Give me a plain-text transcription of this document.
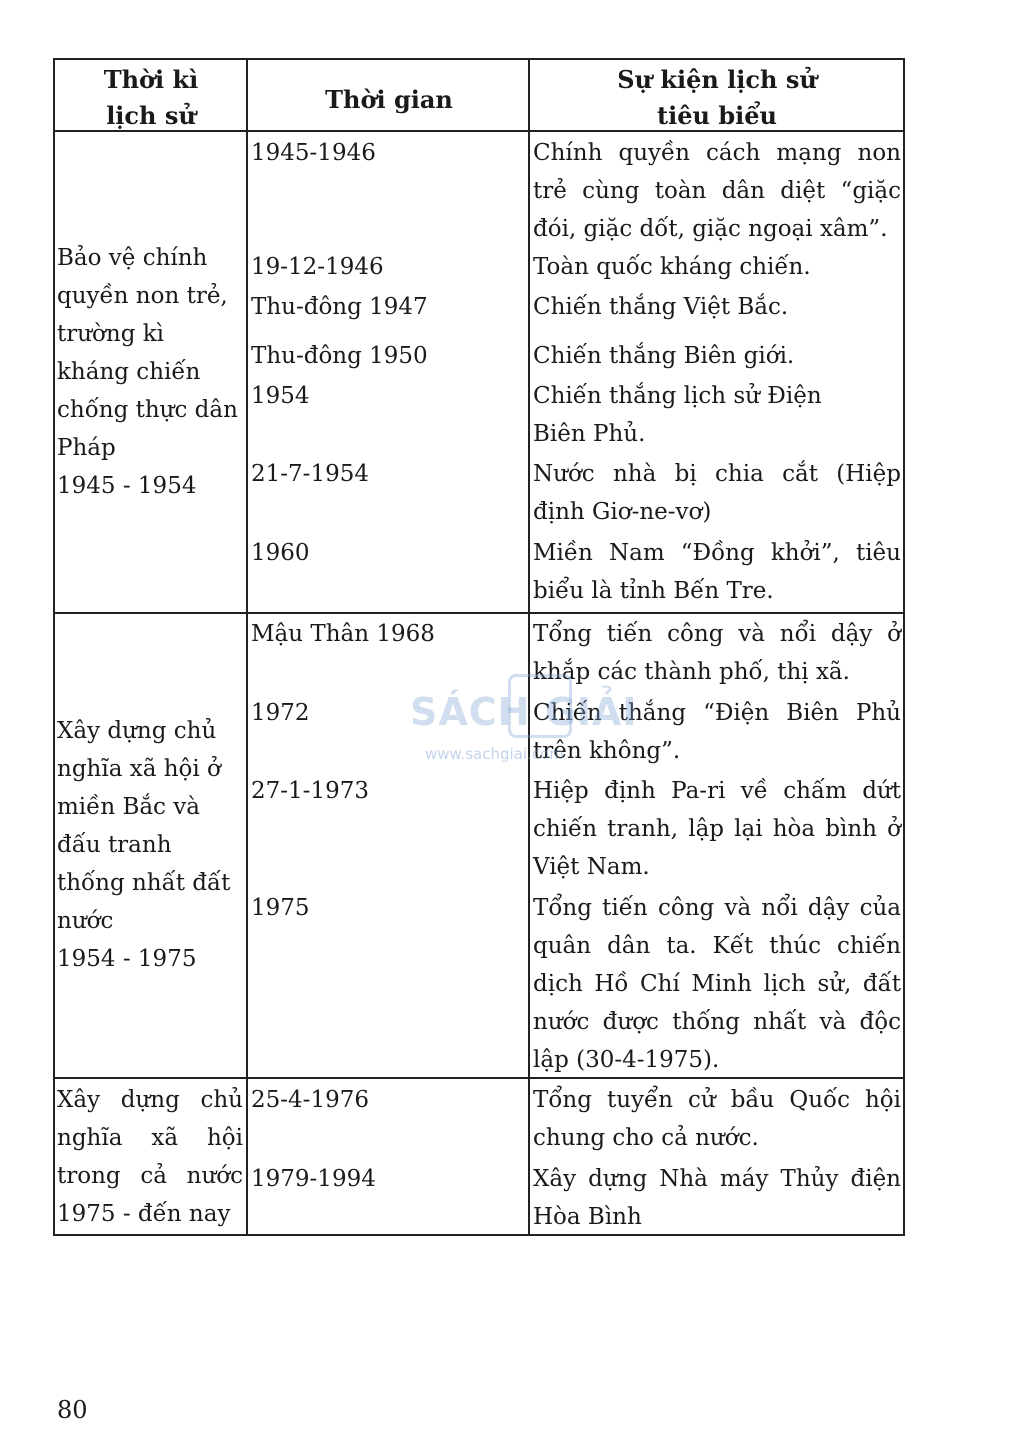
Thời kì
lịch sử
Thời gian
Sự kiện lịch sử
tiêu biểu
Bảo vệ chính
quyền non trẻ,
trường kì
kháng chiến
chống thực dân
Pháp
1945 - 1954
1945-1946
19-12-1946
Thu-đông 1947
Thu-đông 1950
1954
21-7-1954
1960
Chính quyền cách mạng non
trẻ cùng toàn dân diệt “giặc
đói, giặc dốt, giặc ngoại xâm”.
Toàn quốc kháng chiến.
Chiến thắng Việt Bắc.
Chiến thắng Biên giới.
Chiến thắng lịch sử Điện
Biên Phủ.
Nước nhà bị chia cắt (Hiệp
định Giơ-ne-vơ)
Miền Nam “Đồng khởi”, tiêu
biểu là tỉnh Bến Tre.
Xây dựng chủ
nghĩa xã hội ở
miền Bắc và
đấu tranh
thống nhất đất
nước
1954 - 1975
Mậu Thân 1968
1972
27-1-1973
1975
Tổng tiến công và nổi dậy ở
khắp các thành phố, thị xã.
Chiến thắng “Điện Biên Phủ
trên không”.
Hiệp định Pa-ri về chấm dứt
chiến tranh, lập lại hòa bình ở
Việt Nam.
Tổng tiến công và nổi dậy của
quân dân ta. Kết thúc chiến
dịch Hồ Chí Minh lịch sử, đất
nước được thống nhất và độc
lập (30-4-1975).
Xây dựng chủ
nghĩa xã hội
trong cả nước
1975 - đến nay
25-4-1976
1979-1994
Tổng tuyển cử bầu Quốc hội
chung cho cả nước.
Xây dựng Nhà máy Thủy điện
Hòa Bình
SÁCH GIẢI
www.sachgiai.com
80
